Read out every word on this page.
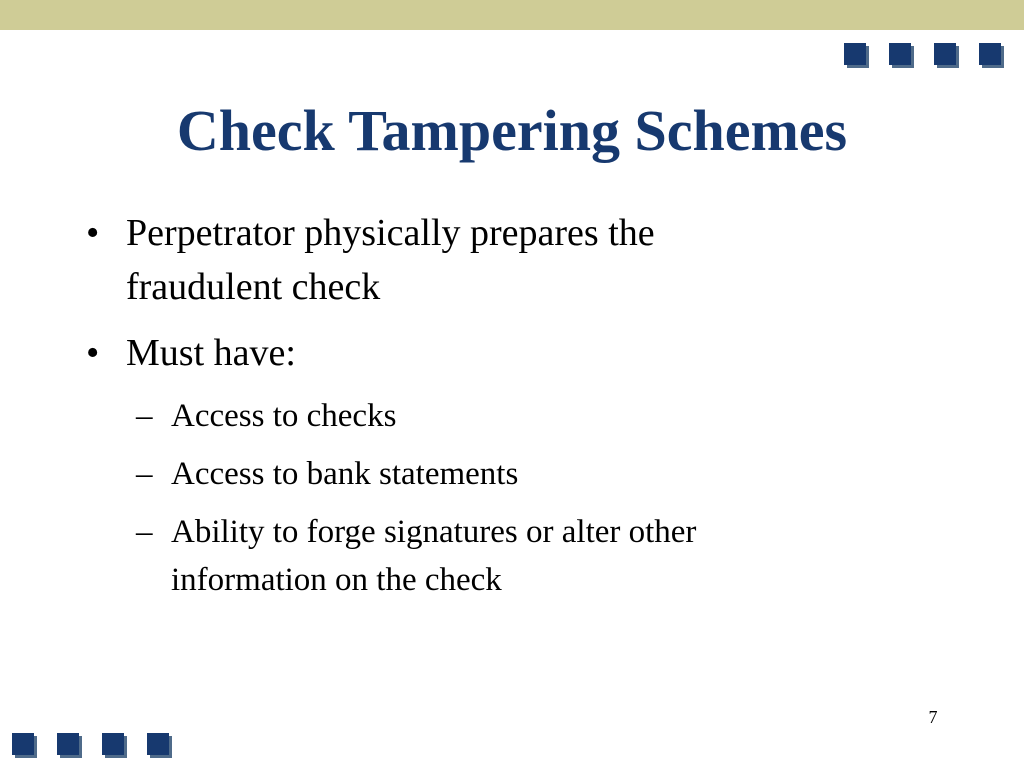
Check Tampering Schemes
• Perpetrator physically prepares the fraudulent check
• Must have:
– Access to checks
– Access to bank statements
– Ability to forge signatures or alter other information on the check
7
